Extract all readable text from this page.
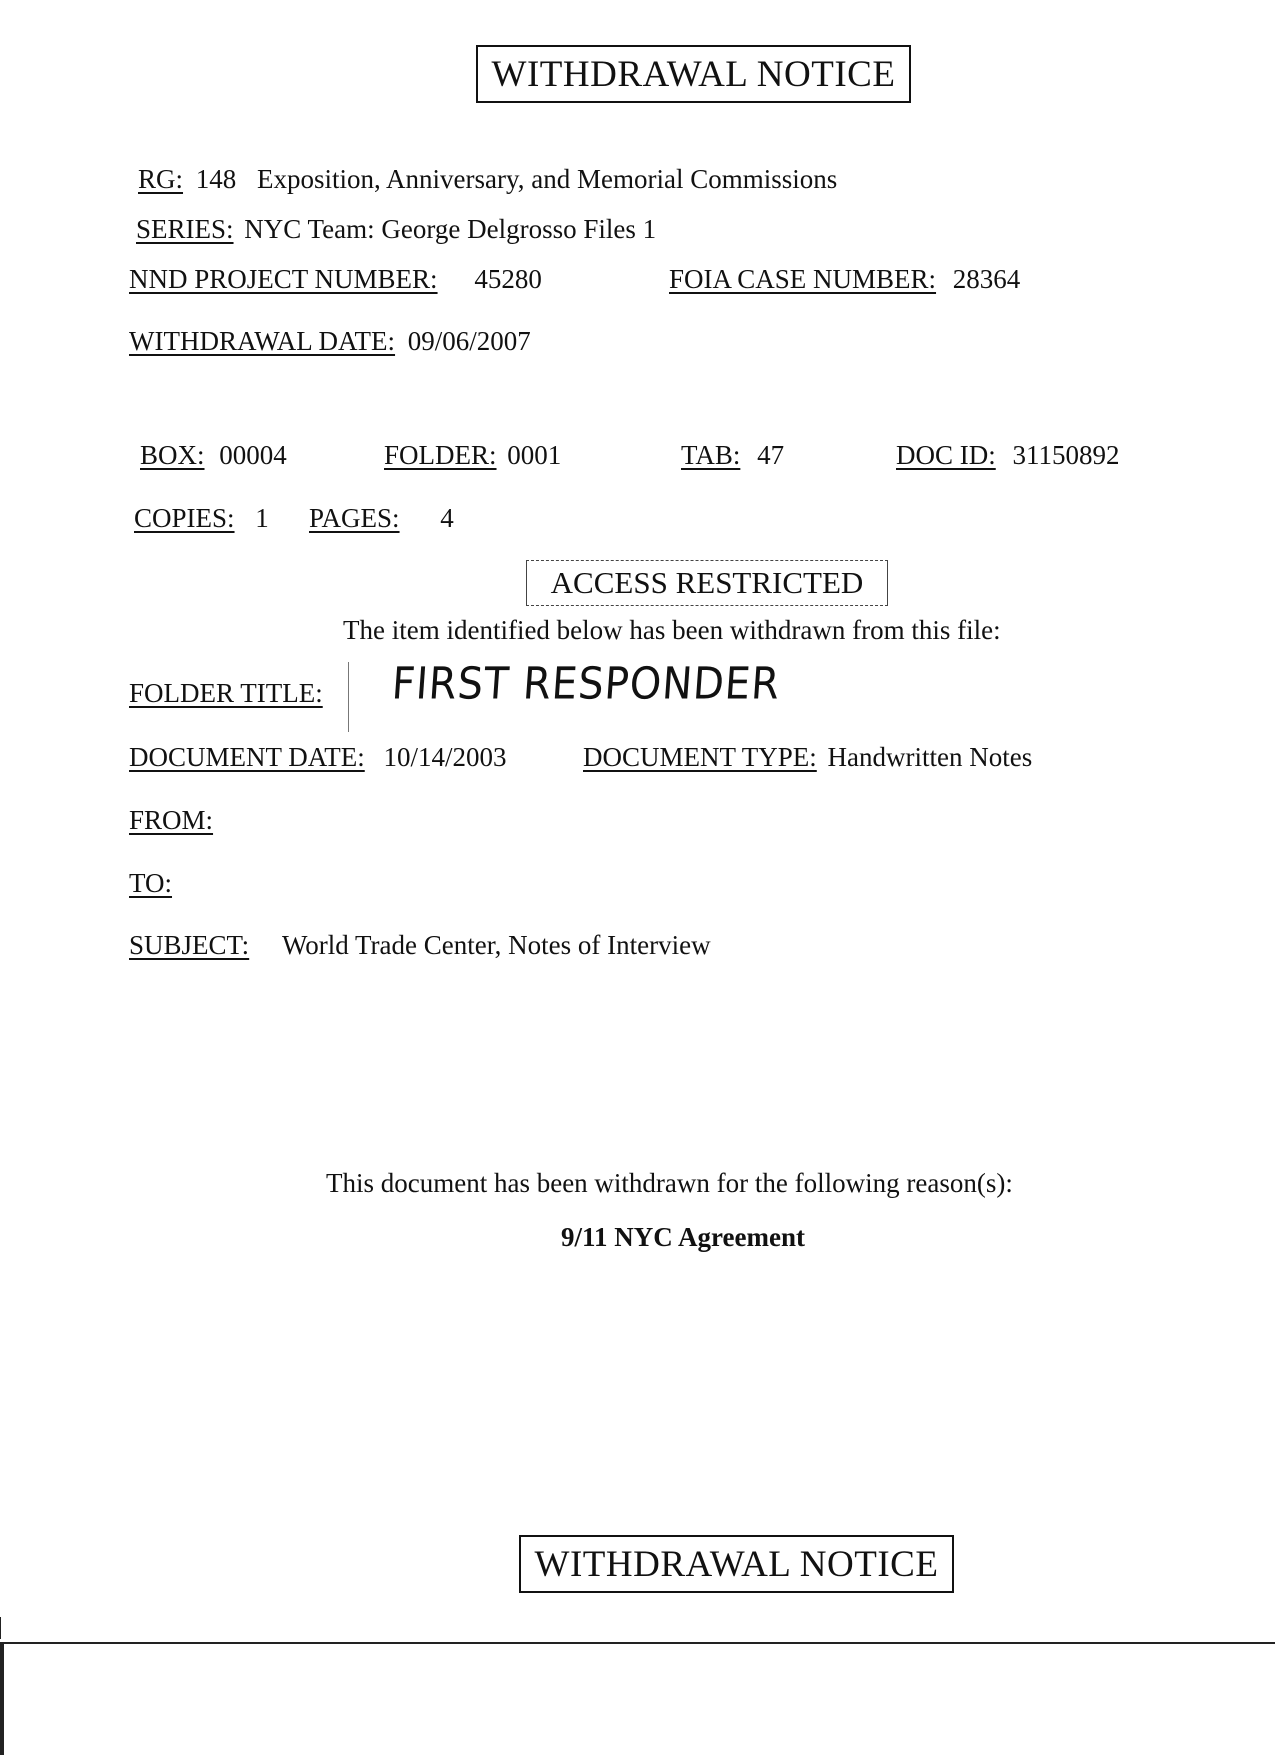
WITHDRAWAL NOTICE
RG: 148 Exposition, Anniversary, and Memorial Commissions
SERIES: NYC Team: George Delgrosso Files 1
NND PROJECT NUMBER: 45280	FOIA CASE NUMBER: 28364
WITHDRAWAL DATE: 09/06/2007
BOX: 00004	FOLDER: 0001	TAB: 47	DOC ID: 31150892
COPIES: 1 PAGES: 4
ACCESS RESTRICTED
The item identified below has been withdrawn from this file:
FOLDER TITLE: FIRST RESPONDER
DOCUMENT DATE: 10/14/2003	DOCUMENT TYPE: Handwritten Notes
FROM:
TO:
SUBJECT: World Trade Center, Notes of Interview
This document has been withdrawn for the following reason(s):
9/11 NYC Agreement
WITHDRAWAL NOTICE
